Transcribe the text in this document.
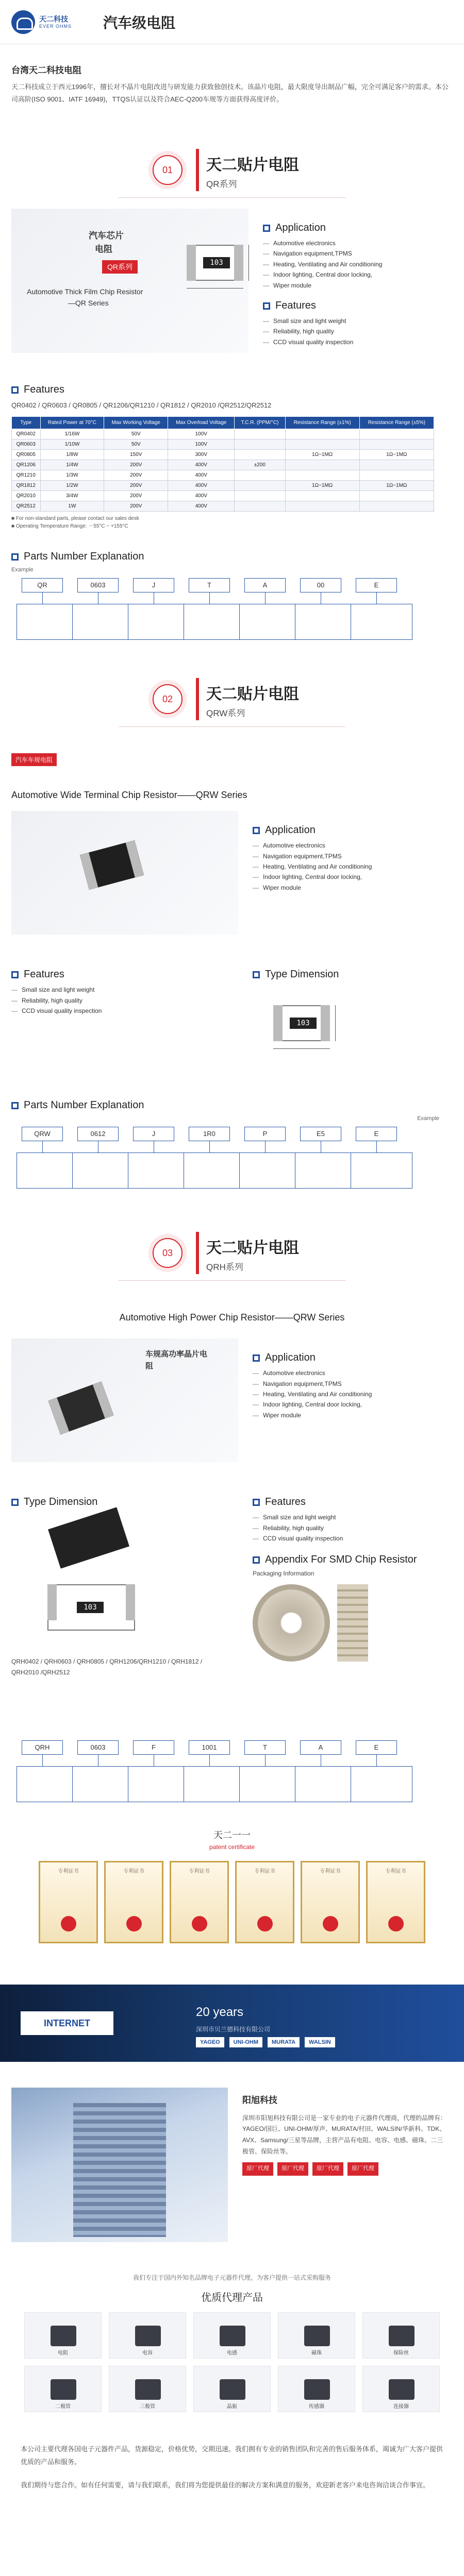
天二科技
EVER OHMS 汽车级电阻
台湾天二科技电阻

天二科技成立于西元1996年，擅长对不晶片电阻改进与研发能力获致独创技术。该晶片电阻，最大限度导出制品广幅，完全可满足客户的需求。本公司高阶(ISO 9001、IATF 16949)，TTQS认证以及符合AEC-Q200车规等方面获得高度评价。

01	天二贴片电阻
QR系列
汽车芯片
电阻
QR系列
Automotive Thick Film Chip Resistor
—QR Series
103
Application
— Automotive electronics
— Navigation equipment,TPMS
— Heating, Ventilating and Air conditioning
— Indoor lighting, Central door locking,
— Wiper module
Features
— Small size and light weight
— Reliability, high quality
— CCD visual quality inspection
Features
QR0402 / QR0603 / QR0805 / QR1206/QR1210 / QR1812 / QR2010 /QR2512/QR2512
Type	Rated Power at 70°C	Max Working Voltage	Max Overload Voltage	T.C.R. (PPM/°C)	Resistance Range (±1%)	Resistance Range (±5%)
QR0402	1/16W	50V	100V			
QR0603	1/10W	50V	100V			
QR0805	1/8W	150V	300V		1Ω~1MΩ	1Ω~1MΩ
QR1206	1/4W	200V	400V	±200		
QR1210	1/3W	200V	400V			
QR1812	1/2W	200V	400V		1Ω~1MΩ	1Ω~1MΩ
QR2010	3/4W	200V	400V			
QR2512	1W	200V	400V			
■ For non-standard parts, please contact our sales desk
■ Operating Temperature Range: －55°C ~ +155°C
Parts Number Explanation
Example
QR	0603	J	T	A	00	E
02	天二贴片电阻
QRW系列
汽车车规电阻
Automotive Wide Terminal Chip Resistor——QRW Series
Application
— Automotive electronics
— Navigation equipment,TPMS
— Heating, Ventilating and Air conditioning
— Indoor lighting, Central door locking,
— Wiper module
Features
— Small size and light weight
— Reliability, high quality
— CCD visual quality inspection
Type Dimension
103
Parts Number Explanation
Example
QRW	0612	J	1R0	P	E5	E
03	天二贴片电阻
QRH系列
Automotive High Power Chip Resistor——QRW Series
车规高功率晶片电阻
Application
— Automotive electronics
— Navigation equipment,TPMS
— Heating, Ventilating and Air conditioning
— Indoor lighting, Central door locking,
— Wiper module
Type Dimension
103
QRH0402 / QRH0603 / QRH0805 / QRH1206/QRH1210 / QRH1812 / QRH2010 /QRH2512
Features
— Small size and light weight
— Reliability, high quality
— CCD visual quality inspection
Appendix For SMD Chip Resistor
Packaging Information
QRH	0603	F	1001	T	A	E
天二一一
patent certificate
专利证书	专利证书	专利证书	专利证书	专利证书	专利证书
INTERNET
20 years
深圳市贝兰德科技有限公司
YAGEO	UNI-OHM	MURATA	WALSIN
阳旭科技
深圳市阳旭科技有限公司是一家专业的电子元器件代理商，代理的品牌有：YAGEO/国巨、UNI-OHM/厚声、MURATA/村田、WALSIN/华新科、TDK、AVX、Samsung/三星等品牌，主营产品有电阻、电容、电感、磁珠、二三极管、保险丝等。
原厂代理	原厂代理	原厂代理	原厂代理
我们专注于国内外知名品牌电子元器件代理，为客户提供一站式采购服务
优质代理产品
电阻	电容	电感	磁珠	保险丝
二极管	三极管	晶振	传感器	连接器

本公司主要代理各国电子元器件产品，货源稳定，价格优势，交期迅速。我们拥有专业的销售团队和完善的售后服务体系，竭诚为广大客户提供优质的产品和服务。

我们期待与您合作。如有任何需要，请与我们联系，我们将为您提供最佳的解决方案和满意的服务，欢迎新老客户来电咨询洽谈合作事宜。
